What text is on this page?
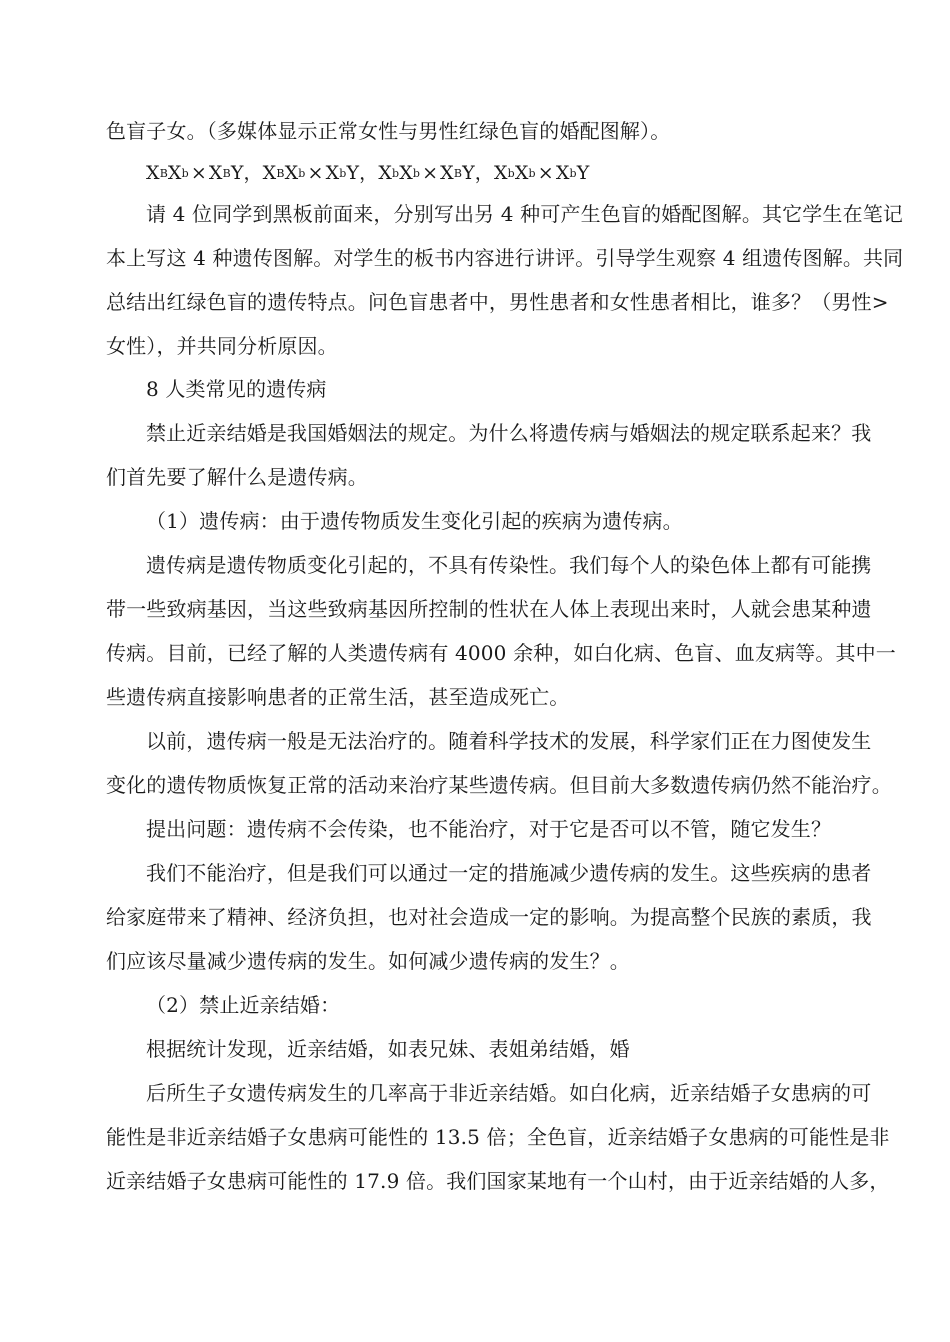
色盲子女。（多媒体显示正常女性与男性红绿色盲的婚配图解）。
$X^BX^b \times X^BY$，$X^BX^b \times X^bY$，$X^bX^b \times X^BY$，$X^bX^b \times X^bY$
请 4 位同学到黑板前面来，分别写出另 4 种可产生色盲的婚配图解。其它学生在笔记
本上写这 4 种遗传图解。对学生的板书内容进行讲评。引导学生观察 4 组遗传图解。共同
总结出红绿色盲的遗传特点。问色盲患者中，男性患者和女性患者相比，谁多？（男性>
女性），并共同分析原因。
8 人类常见的遗传病
禁止近亲结婚是我国婚姻法的规定。为什么将遗传病与婚姻法的规定联系起来？我
们首先要了解什么是遗传病。
（1）遗传病：由于遗传物质发生变化引起的疾病为遗传病。
遗传病是遗传物质变化引起的，不具有传染性。我们每个人的染色体上都有可能携
带一些致病基因，当这些致病基因所控制的性状在人体上表现出来时，人就会患某种遗
传病。目前，已经了解的人类遗传病有 4000 余种，如白化病、色盲、血友病等。其中一
些遗传病直接影响患者的正常生活，甚至造成死亡。
以前，遗传病一般是无法治疗的。随着科学技术的发展，科学家们正在力图使发生
变化的遗传物质恢复正常的活动来治疗某些遗传病。但目前大多数遗传病仍然不能治疗。
提出问题：遗传病不会传染，也不能治疗，对于它是否可以不管，随它发生？
我们不能治疗，但是我们可以通过一定的措施减少遗传病的发生。这些疾病的患者
给家庭带来了精神、经济负担，也对社会造成一定的影响。为提高整个民族的素质，我
们应该尽量减少遗传病的发生。如何减少遗传病的发生？。
（2）禁止近亲结婚：
根据统计发现，近亲结婚，如表兄妹、表姐弟结婚，婚
后所生子女遗传病发生的几率高于非近亲结婚。如白化病，近亲结婚子女患病的可
能性是非近亲结婚子女患病可能性的 13.5 倍；全色盲，近亲结婚子女患病的可能性是非
近亲结婚子女患病可能性的 17.9 倍。我们国家某地有一个山村，由于近亲结婚的人多，
